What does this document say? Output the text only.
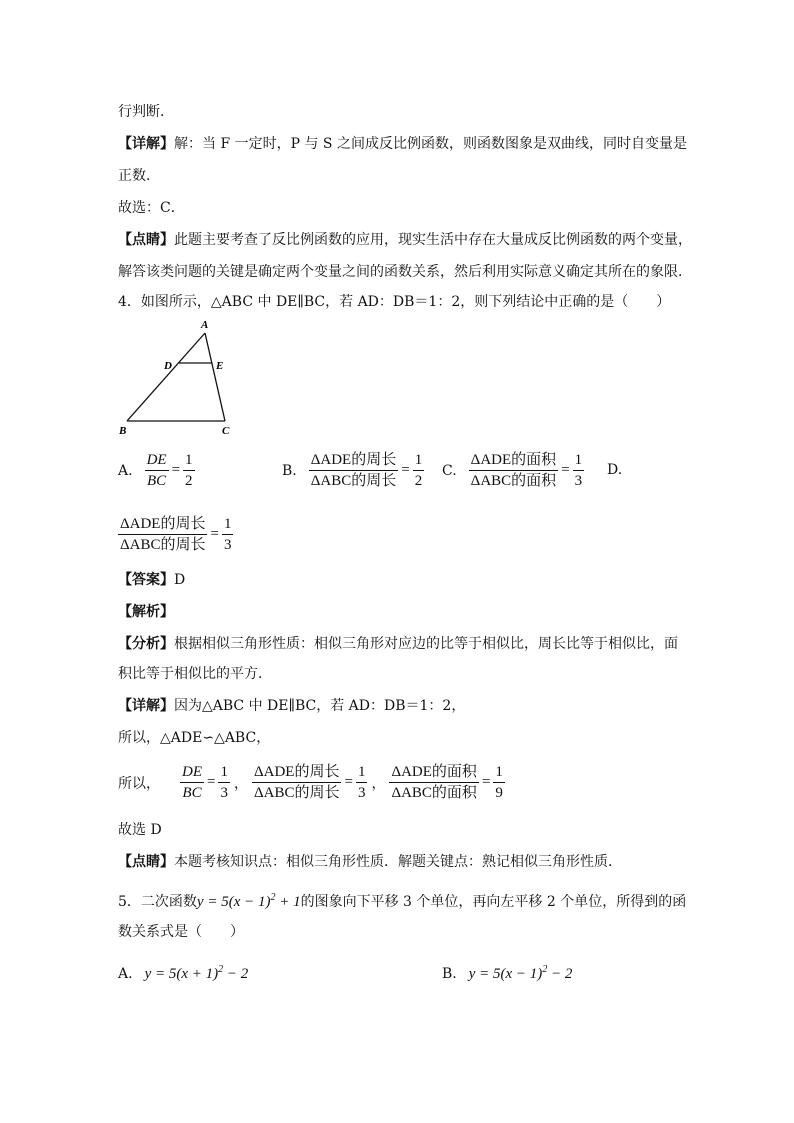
行判断．
【详解】解：当 F 一定时，P 与 S 之间成反比例函数，则函数图象是双曲线，同时自变量是
正数．
故选：C．
【点睛】此题主要考查了反比例函数的应用，现实生活中存在大量成反比例函数的两个变量，
解答该类问题的关键是确定两个变量之间的函数关系，然后利用实际意义确定其所在的象限．
4．如图所示，△ABC 中 DE∥BC，若 AD：DB＝1：2，则下列结论中正确的是（　　）
A
B	C
D	E
A. $\frac{DE}{BC} = \frac{1}{2}$	B. $\frac{\text{ΔADE的周长}}{\text{ΔABC的周长}} = \frac{1}{2} C$. $\frac{\text{ΔADE的面积}}{\text{ΔABC的面积}} = \frac{1}{3} D$.
$\frac{\text{ΔADE的周长}}{\text{ΔABC的周长}} = \frac{1}{3}$
【答案】D
【解析】
【分析】根据相似三角形性质：相似三角形对应边的比等于相似比，周长比等于相似比，面
积比等于相似比的平方．
【详解】因为△ABC 中 DE∥BC，若 AD：DB＝1：2，
所以，△ADE∽△ABC，
所以， $\frac{DE}{BC} = \frac{1}{3}$ ， $\frac{\text{ΔADE的周长}}{\text{ΔABC的周长}} = \frac{1}{3}$ ， $\frac{\text{ΔADE的面积}}{\text{ΔABC的面积}} = \frac{1}{9}$
故选 D
【点睛】本题考核知识点：相似三角形性质．解题关键点：熟记相似三角形性质．
5．二次函数$y = 5(x - 1)^2 + 1$的图象向下平移 3 个单位，再向左平移 2 个单位，所得到的函
数关系式是（　　）
A. $y = 5(x + 1)^2 - 2$	B. $y = 5(x - 1)^2 - 2$
